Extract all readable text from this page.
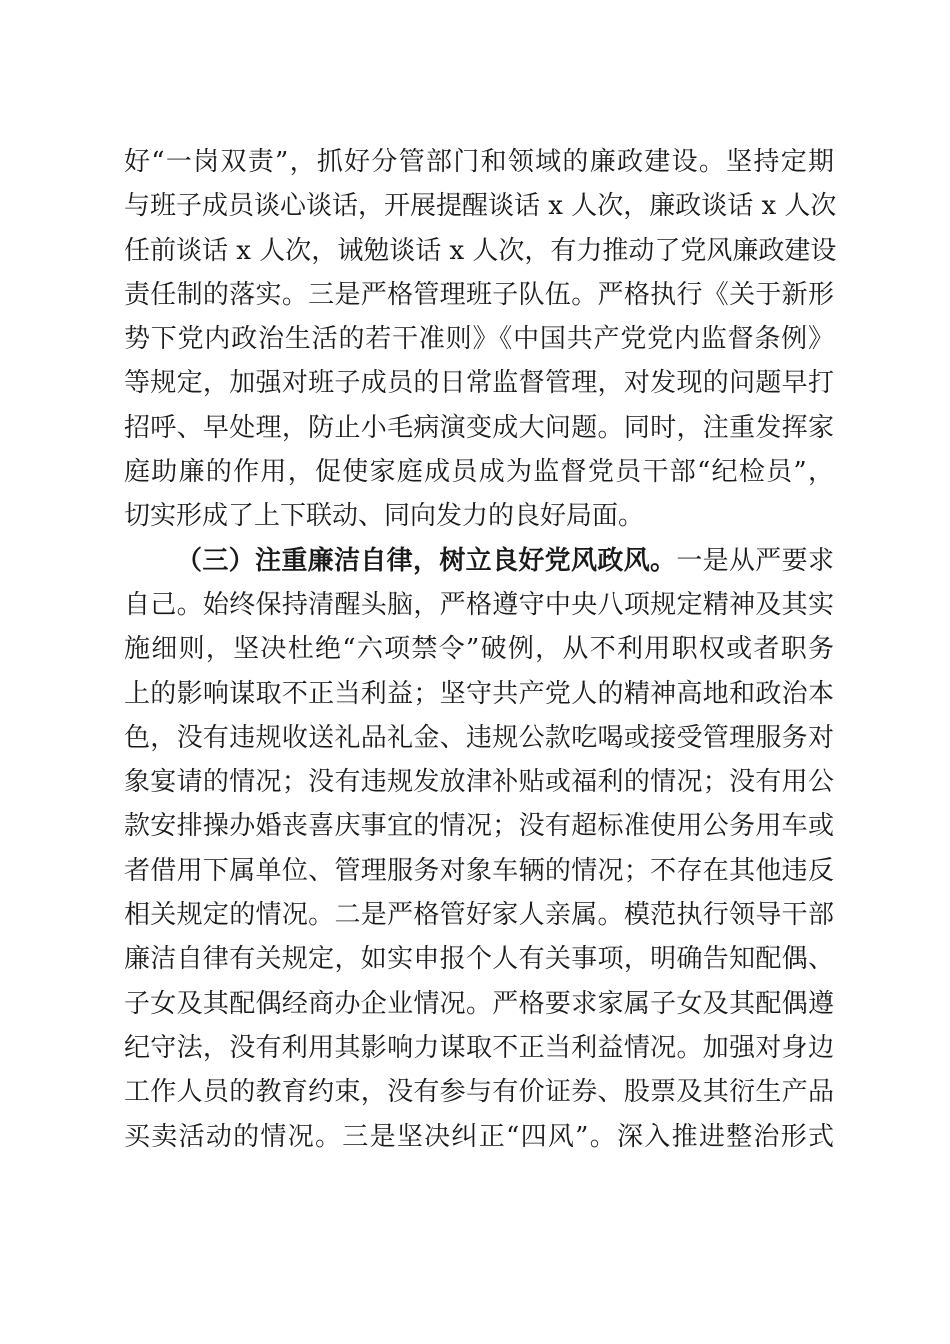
好“一岗双责”，抓好分管部门和领域的廉政建设。坚持定期
与班子成员谈心谈话，开展提醒谈话 x 人次，廉政谈话 x 人次
任前谈话 x 人次，诫勉谈话 x 人次，有力推动了党风廉政建设
责任制的落实。三是严格管理班子队伍。严格执行《关于新形
势下党内政治生活的若干准则》《中国共产党党内监督条例》
等规定，加强对班子成员的日常监督管理，对发现的问题早打
招呼、早处理，防止小毛病演变成大问题。同时，注重发挥家
庭助廉的作用，促使家庭成员成为监督党员干部“纪检员”，
切实形成了上下联动、同向发力的良好局面。
（三）注重廉洁自律，树立良好党风政风。一是从严要求
自己。始终保持清醒头脑，严格遵守中央八项规定精神及其实
施细则，坚决杜绝“六项禁令”破例，从不利用职权或者职务
上的影响谋取不正当利益；坚守共产党人的精神高地和政治本
色，没有违规收送礼品礼金、违规公款吃喝或接受管理服务对
象宴请的情况；没有违规发放津补贴或福利的情况；没有用公
款安排操办婚丧喜庆事宜的情况；没有超标准使用公务用车或
者借用下属单位、管理服务对象车辆的情况；不存在其他违反
相关规定的情况。二是严格管好家人亲属。模范执行领导干部
廉洁自律有关规定，如实申报个人有关事项，明确告知配偶、
子女及其配偶经商办企业情况。严格要求家属子女及其配偶遵
纪守法，没有利用其影响力谋取不正当利益情况。加强对身边
工作人员的教育约束，没有参与有价证券、股票及其衍生产品
买卖活动的情况。三是坚决纠正“四风”。深入推进整治形式
